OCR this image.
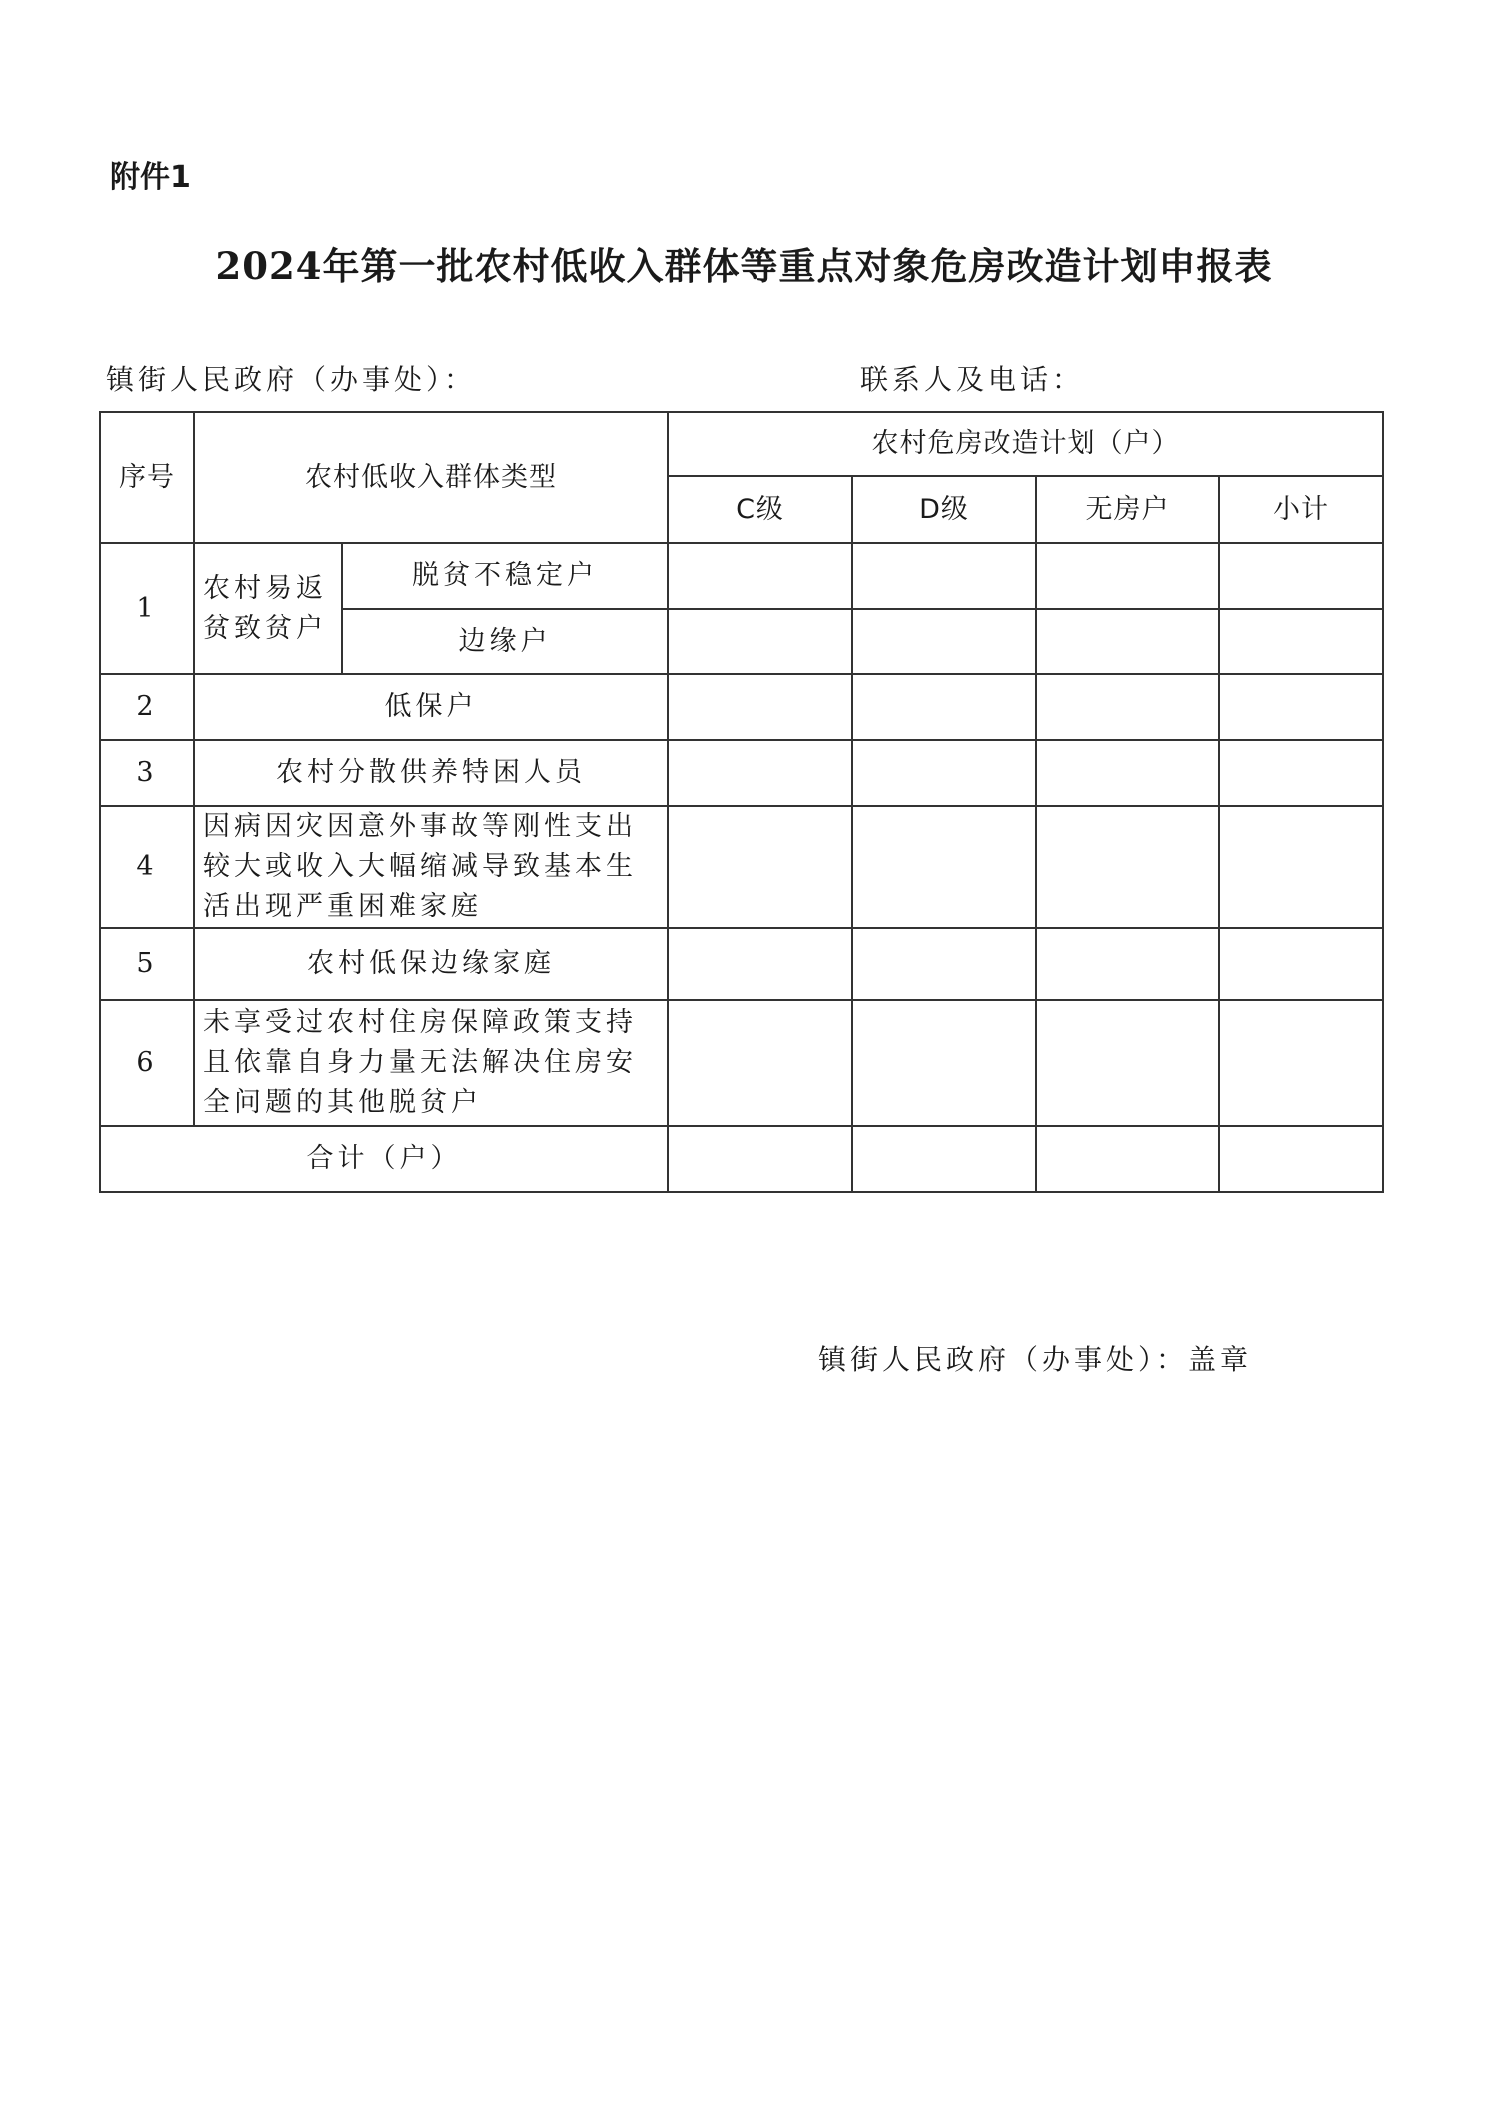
附件1
2024年第一批农村低收入群体等重点对象危房改造计划申报表
镇街人民政府（办事处）：	联系人及电话：
序号	农村低收入群体类型		农村危房改造计划（户）			
			C级	D级	无房户	小计
1	农村易返贫致贫户	脱贫不稳定户				
		边缘户				
2	低保户					
3	农村分散供养特困人员					
4	因病因灾因意外事故等刚性支出较大或收入大幅缩减导致基本生活出现严重困难家庭					
5	农村低保边缘家庭					
6	未享受过农村住房保障政策支持且依靠自身力量无法解决住房安全问题的其他脱贫户					
合计（户）						
镇街人民政府（办事处）：盖章
